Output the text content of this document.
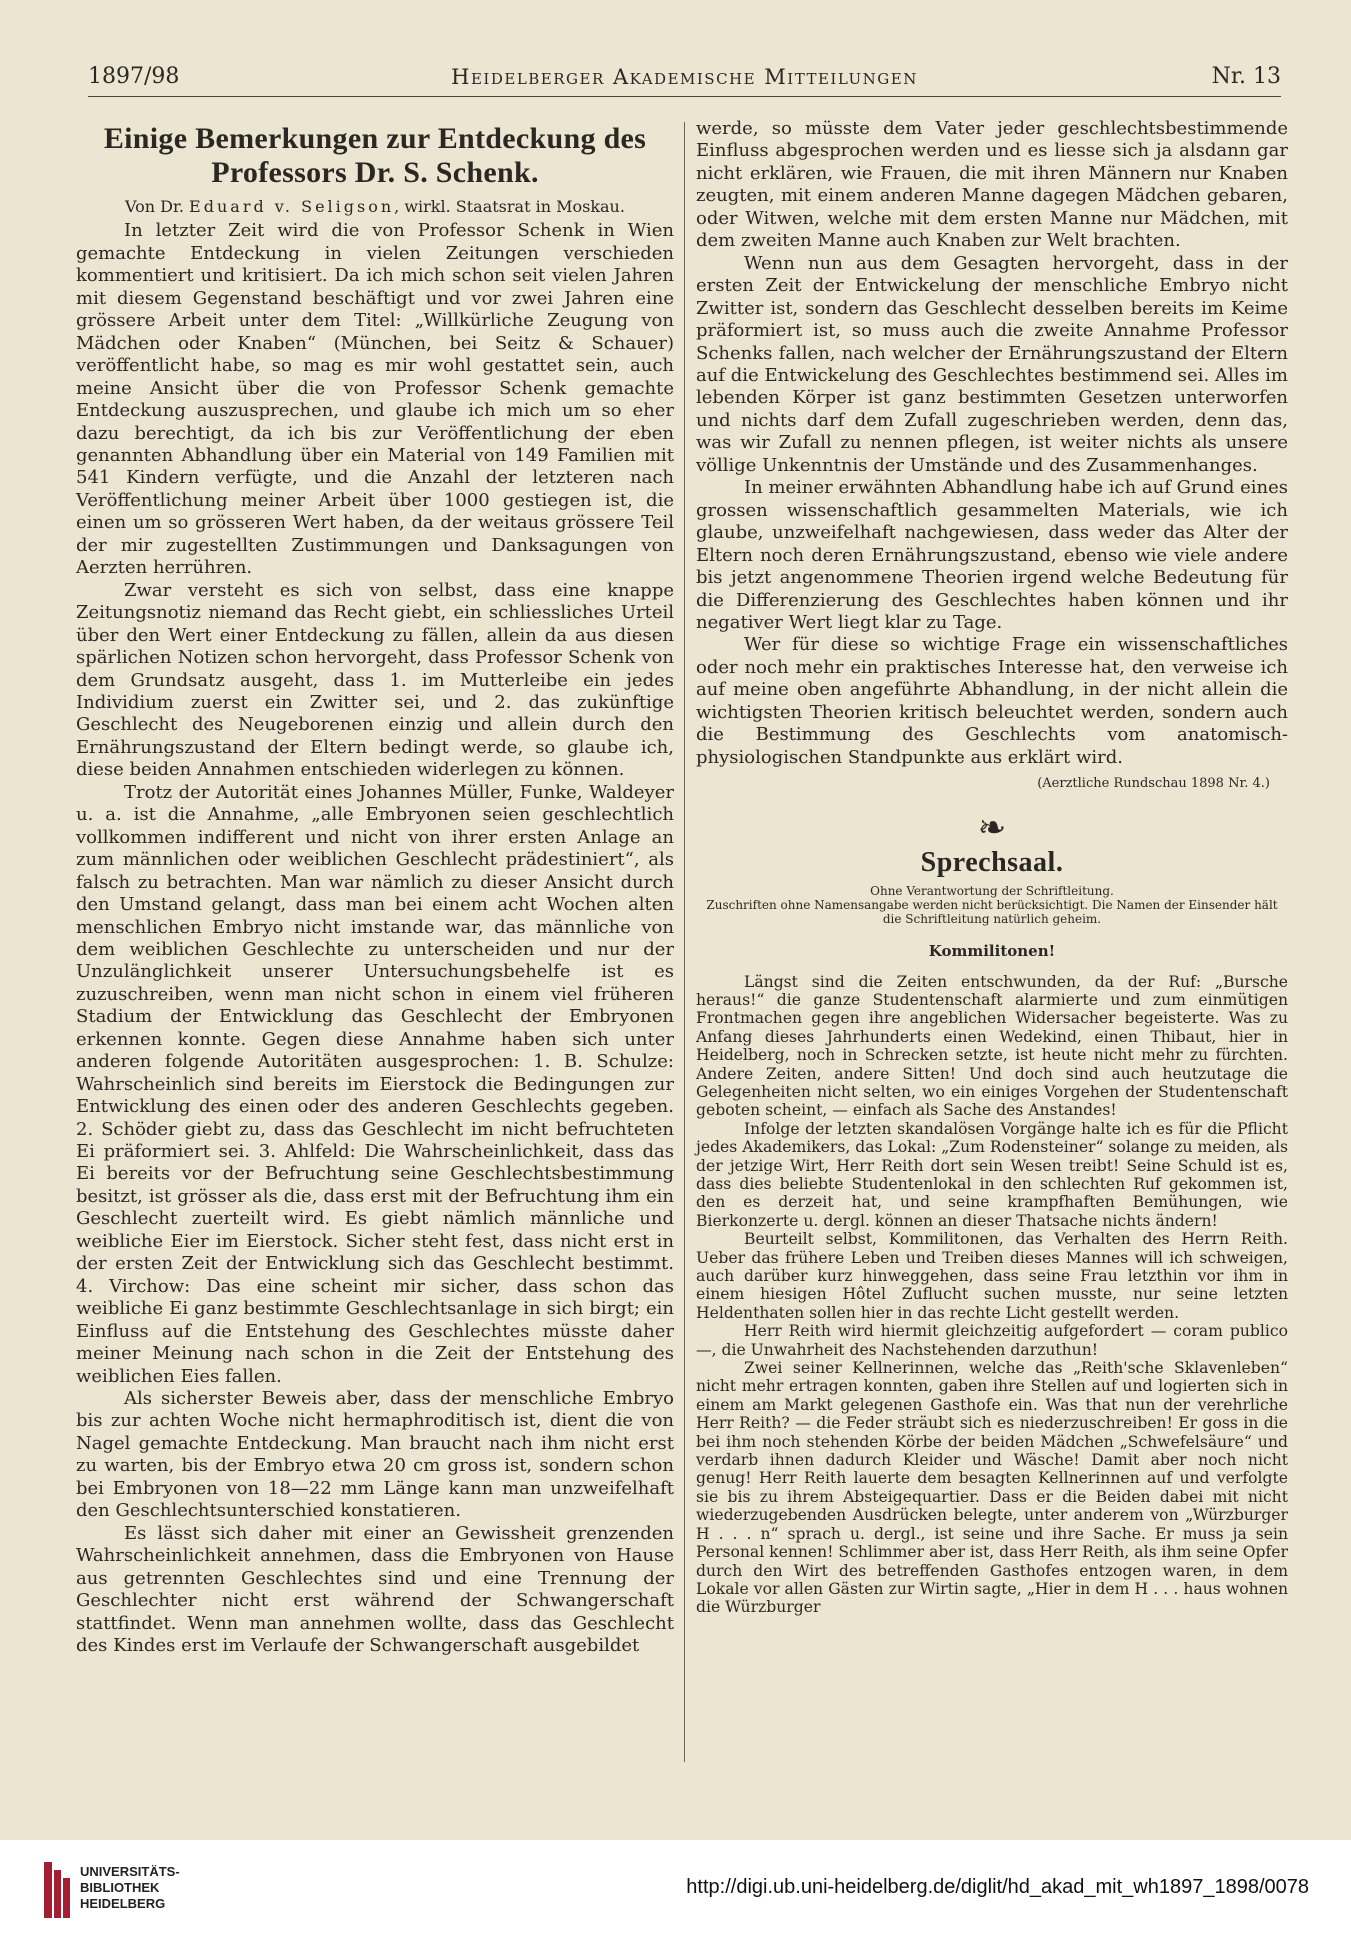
1897/98	Heidelberger Akademische Mitteilungen	Nr. 13
Einige Bemerkungen zur Entdeckung des Professors Dr. S. Schenk.
Von Dr. Eduard v. Seligson, wirkl. Staatsrat in Moskau.

In letzter Zeit wird die von Professor Schenk in Wien gemachte Entdeckung in vielen Zeitungen verschieden kommentiert und kritisiert. Da ich mich schon seit vielen Jahren mit diesem Gegenstand beschäftigt und vor zwei Jahren eine grössere Arbeit unter dem Titel: „Willkürliche Zeugung von Mädchen oder Knaben“ (München, bei Seitz & Schauer) veröffentlicht habe, so mag es mir wohl gestattet sein, auch meine Ansicht über die von Professor Schenk gemachte Entdeckung auszusprechen, und glaube ich mich um so eher dazu berechtigt, da ich bis zur Veröffentlichung der eben genannten Abhandlung über ein Material von 149 Familien mit 541 Kindern verfügte, und die Anzahl der letzteren nach Veröffentlichung meiner Arbeit über 1000 gestiegen ist, die einen um so grösseren Wert haben, da der weitaus grössere Teil der mir zugestellten Zustimmungen und Danksagungen von Aerzten herrühren.

Zwar versteht es sich von selbst, dass eine knappe Zeitungsnotiz niemand das Recht giebt, ein schliessliches Urteil über den Wert einer Entdeckung zu fällen, allein da aus diesen spärlichen Notizen schon hervorgeht, dass Professor Schenk von dem Grundsatz ausgeht, dass 1. im Mutterleibe ein jedes Individium zuerst ein Zwitter sei, und 2. das zukünftige Geschlecht des Neugeborenen einzig und allein durch den Ernährungszustand der Eltern bedingt werde, so glaube ich, diese beiden Annahmen entschieden widerlegen zu können.

Trotz der Autorität eines Johannes Müller, Funke, Waldeyer u. a. ist die Annahme, „alle Embryonen seien geschlechtlich vollkommen indifferent und nicht von ihrer ersten Anlage an zum männlichen oder weiblichen Geschlecht prädestiniert“, als falsch zu betrachten. Man war nämlich zu dieser Ansicht durch den Umstand gelangt, dass man bei einem acht Wochen alten menschlichen Embryo nicht imstande war, das männliche von dem weiblichen Geschlechte zu unterscheiden und nur der Unzulänglichkeit unserer Untersuchungsbehelfe ist es zuzuschreiben, wenn man nicht schon in einem viel früheren Stadium der Entwicklung das Geschlecht der Embryonen erkennen konnte. Gegen diese Annahme haben sich unter anderen folgende Autoritäten ausgesprochen: 1. B. Schulze: Wahrscheinlich sind bereits im Eierstock die Bedingungen zur Entwicklung des einen oder des anderen Geschlechts gegeben. 2. Schöder giebt zu, dass das Geschlecht im nicht befruchteten Ei präformiert sei. 3. Ahlfeld: Die Wahrscheinlichkeit, dass das Ei bereits vor der Befruchtung seine Geschlechtsbestimmung besitzt, ist grösser als die, dass erst mit der Befruchtung ihm ein Geschlecht zuerteilt wird. Es giebt nämlich männliche und weibliche Eier im Eierstock. Sicher steht fest, dass nicht erst in der ersten Zeit der Entwicklung sich das Geschlecht bestimmt. 4. Virchow: Das eine scheint mir sicher, dass schon das weibliche Ei ganz bestimmte Geschlechtsanlage in sich birgt; ein Einfluss auf die Entstehung des Geschlechtes müsste daher meiner Meinung nach schon in die Zeit der Entstehung des weiblichen Eies fallen.

Als sicherster Beweis aber, dass der menschliche Embryo bis zur achten Woche nicht hermaphroditisch ist, dient die von Nagel gemachte Entdeckung. Man braucht nach ihm nicht erst zu warten, bis der Embryo etwa 20 cm gross ist, sondern schon bei Embryonen von 18—22 mm Länge kann man unzweifelhaft den Geschlechtsunterschied konstatieren.

Es lässt sich daher mit einer an Gewissheit grenzenden Wahrscheinlichkeit annehmen, dass die Embryonen von Hause aus getrennten Geschlechtes sind und eine Trennung der Geschlechter nicht erst während der Schwangerschaft stattfindet. Wenn man annehmen wollte, dass das Geschlecht des Kindes erst im Verlaufe der Schwangerschaft ausgebildet

werde, so müsste dem Vater jeder geschlechtsbestimmende Einfluss abgesprochen werden und es liesse sich ja alsdann gar nicht erklären, wie Frauen, die mit ihren Männern nur Knaben zeugten, mit einem anderen Manne dagegen Mädchen gebaren, oder Witwen, welche mit dem ersten Manne nur Mädchen, mit dem zweiten Manne auch Knaben zur Welt brachten.

Wenn nun aus dem Gesagten hervorgeht, dass in der ersten Zeit der Entwickelung der menschliche Embryo nicht Zwitter ist, sondern das Geschlecht desselben bereits im Keime präformiert ist, so muss auch die zweite Annahme Professor Schenks fallen, nach welcher der Ernährungszustand der Eltern auf die Entwickelung des Geschlechtes bestimmend sei. Alles im lebenden Körper ist ganz bestimmten Gesetzen unterworfen und nichts darf dem Zufall zugeschrieben werden, denn das, was wir Zufall zu nennen pflegen, ist weiter nichts als unsere völlige Unkenntnis der Umstände und des Zusammenhanges.

In meiner erwähnten Abhandlung habe ich auf Grund eines grossen wissenschaftlich gesammelten Materials, wie ich glaube, unzweifelhaft nachgewiesen, dass weder das Alter der Eltern noch deren Ernährungszustand, ebenso wie viele andere bis jetzt angenommene Theorien irgend welche Bedeutung für die Differenzierung des Geschlechtes haben können und ihr negativer Wert liegt klar zu Tage.

Wer für diese so wichtige Frage ein wissenschaftliches oder noch mehr ein praktisches Interesse hat, den verweise ich auf meine oben angeführte Abhandlung, in der nicht allein die wichtigsten Theorien kritisch beleuchtet werden, sondern auch die Bestimmung des Geschlechts vom anatomisch-physiologischen Standpunkte aus erklärt wird.

(Aerztliche Rundschau 1898 Nr. 4.)
❧
Sprechsaal.
Ohne Verantwortung der Schriftleitung.
Zuschriften ohne Namensangabe werden nicht berücksichtigt. Die Namen der Einsender hält die Schriftleitung natürlich geheim.
Kommilitonen!

Längst sind die Zeiten entschwunden, da der Ruf: „Bursche heraus!“ die ganze Studentenschaft alarmierte und zum einmütigen Frontmachen gegen ihre angeblichen Widersacher begeisterte. Was zu Anfang dieses Jahrhunderts einen Wedekind, einen Thibaut, hier in Heidelberg, noch in Schrecken setzte, ist heute nicht mehr zu fürchten. Andere Zeiten, andere Sitten! Und doch sind auch heutzutage die Gelegenheiten nicht selten, wo ein einiges Vorgehen der Studentenschaft geboten scheint, — einfach als Sache des Anstandes!

Infolge der letzten skandalösen Vorgänge halte ich es für die Pflicht jedes Akademikers, das Lokal: „Zum Rodensteiner“ solange zu meiden, als der jetzige Wirt, Herr Reith dort sein Wesen treibt! Seine Schuld ist es, dass dies beliebte Studentenlokal in den schlechten Ruf gekommen ist, den es derzeit hat, und seine krampfhaften Bemühungen, wie Bierkonzerte u. dergl. können an dieser Thatsache nichts ändern!

Beurteilt selbst, Kommilitonen, das Verhalten des Herrn Reith. Ueber das frühere Leben und Treiben dieses Mannes will ich schweigen, auch darüber kurz hinweggehen, dass seine Frau letzthin vor ihm in einem hiesigen Hôtel Zuflucht suchen musste, nur seine letzten Heldenthaten sollen hier in das rechte Licht gestellt werden.

Herr Reith wird hiermit gleichzeitig aufgefordert — coram publico —, die Unwahrheit des Nachstehenden darzuthun!

Zwei seiner Kellnerinnen, welche das „Reith'sche Sklavenleben“ nicht mehr ertragen konnten, gaben ihre Stellen auf und logierten sich in einem am Markt gelegenen Gasthofe ein. Was that nun der verehrliche Herr Reith? — die Feder sträubt sich es niederzuschreiben! Er goss in die bei ihm noch stehenden Körbe der beiden Mädchen „Schwefelsäure“ und verdarb ihnen dadurch Kleider und Wäsche! Damit aber noch nicht genug! Herr Reith lauerte dem besagten Kellnerinnen auf und verfolgte sie bis zu ihrem Absteigequartier. Dass er die Beiden dabei mit nicht wiederzugebenden Ausdrücken belegte, unter anderem von „Würzburger H . . . n“ sprach u. dergl., ist seine und ihre Sache. Er muss ja sein Personal kennen! Schlimmer aber ist, dass Herr Reith, als ihm seine Opfer durch den Wirt des betreffenden Gasthofes entzogen waren, in dem Lokale vor allen Gästen zur Wirtin sagte, „Hier in dem H . . . haus wohnen die Würzburger

UNIVERSITÄTS-
BIBLIOTHEK
HEIDELBERG
http://digi.ub.uni-heidelberg.de/diglit/hd_akad_mit_wh1897_1898/0078
